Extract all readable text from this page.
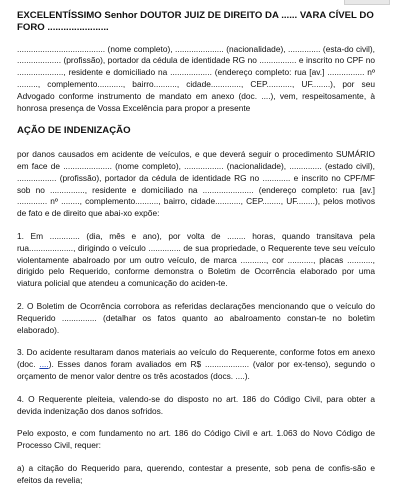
EXCELENTÍSSIMO Senhor DOUTOR JUIZ DE DIREITO DA ...... VARA CÍVEL DO FORO .......................
...................................... (nome completo), ..................... (nacionalidade), .............. (esta-do civil), ................... (profissão), portador da cédula de identidade RG no ................ e inscrito no CPF no ...................., residente e domiciliado na .................. (endereço completo: rua [av.] ................ nº ........., complemento..........., bairro.........., cidade............., CEP..........., UF........), por seu Advogado conforme instrumento de mandato em anexo (doc. ....), vem, respeitosamente, à honrosa presença de Vossa Excelência para propor a presente
AÇÃO DE INDENIZAÇÃO
por danos causados em acidente de veículos, e que deverá seguir o procedimento SUMÁRIO em face de ..................... (nome completo), ................. (nacionalidade), .............. (estado civil), ................. (profissão), portador da cédula de identidade RG no ............ e inscrito no CPF/MF sob no ..............., residente e domiciliado na ...................... (endereço completo: rua [av.] ............. nº ........, complemento.........., bairro, cidade..........., CEP........, UF........), pelos motivos de fato e de direito que abai-xo expõe:
1. Em ............. (dia, mês e ano), por volta de ........ horas, quando transitava pela rua..................., dirigindo o veículo .............. de sua propriedade, o Requerente teve seu veículo violentamente abalroado por um outro veículo, de marca ..........., cor ..........., placas ..........., dirigido pelo Requerido, conforme demonstra o Boletim de Ocorrência elaborado por uma viatura policial que atendeu a comunicação do aciden-te.
2. O Boletim de Ocorrência corrobora as referidas declarações mencionando que o veículo do Requerido ............... (detalhar os fatos quanto ao abalroamento constan-te no boletim elaborado).
3. Do acidente resultaram danos materiais ao veículo do Requerente, conforme fotos em anexo (doc. ....). Esses danos foram avaliados em R$ ................... (valor por ex-tenso), segundo o orçamento de menor valor dentre os três acostados (docs. ....).
4. O Requerente pleiteia, valendo-se do disposto no art. 186 do Código Civil, para obter a devida indenização dos danos sofridos.
Pelo exposto, e com fundamento no art. 186 do Código Civil e art. 1.063 do Novo Código de Processo Civil, requer:
a) a citação do Requerido para, querendo, contestar a presente, sob pena de confis-são e efeitos da revelia;
